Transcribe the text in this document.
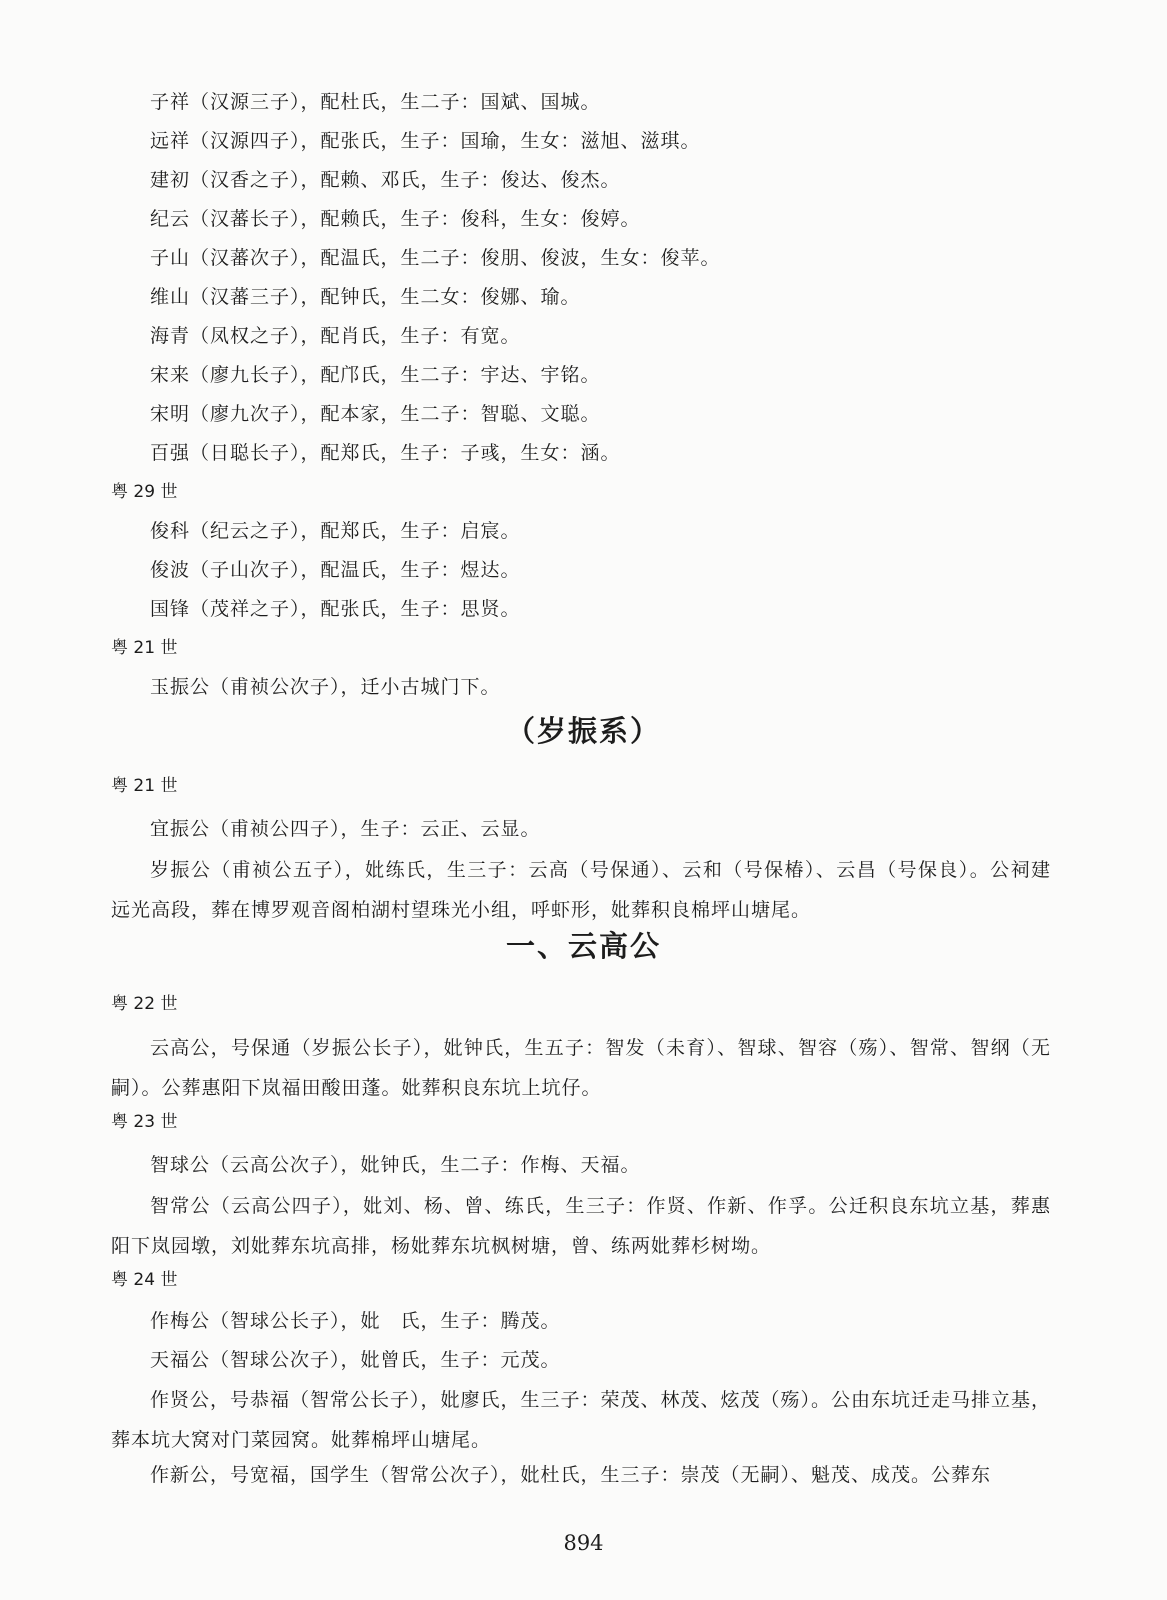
子祥（汉源三子），配杜氏，生二子：国斌、国城。
远祥（汉源四子），配张氏，生子：国瑜，生女：滋旭、滋琪。
建初（汉香之子），配赖、邓氏，生子：俊达、俊杰。
纪云（汉蕃长子），配赖氏，生子：俊科，生女：俊婷。
子山（汉蕃次子），配温氏，生二子：俊朋、俊波，生女：俊苹。
维山（汉蕃三子），配钟氏，生二女：俊娜、瑜。
海青（凤权之子），配肖氏，生子：有宽。
宋来（廖九长子），配邝氏，生二子：宇达、宇铭。
宋明（廖九次子），配本家，生二子：智聪、文聪。
百强（日聪长子），配郑氏，生子：子彧，生女：涵。
粤 29 世
俊科（纪云之子），配郑氏，生子：启宸。
俊波（子山次子），配温氏，生子：煜达。
国锋（茂祥之子），配张氏，生子：思贤。
粤 21 世
玉振公（甫祯公次子），迁小古城门下。
（岁振系）
粤 21 世
宜振公（甫祯公四子），生子：云正、云显。
岁振公（甫祯公五子），妣练氏，生三子：云高（号保通）、云和（号保椿）、云昌（号保良）。公祠建远光高段，葬在博罗观音阁柏湖村望珠光小组，呼虾形，妣葬积良棉坪山塘尾。
一、云高公
粤 22 世
云高公，号保通（岁振公长子），妣钟氏，生五子：智发（未育）、智球、智容（殇）、智常、智纲（无嗣）。公葬惠阳下岚福田酸田蓬。妣葬积良东坑上坑仔。
粤 23 世
智球公（云高公次子），妣钟氏，生二子：作梅、天福。
智常公（云高公四子），妣刘、杨、曾、练氏，生三子：作贤、作新、作孚。公迁积良东坑立基，葬惠阳下岚园墩，刘妣葬东坑高排，杨妣葬东坑枫树塘，曾、练两妣葬杉树坳。
粤 24 世
作梅公（智球公长子），妣　氏，生子：腾茂。
天福公（智球公次子），妣曾氏，生子：元茂。
作贤公，号恭福（智常公长子），妣廖氏，生三子：荣茂、林茂、炫茂（殇）。公由东坑迁走马排立基，葬本坑大窝对门菜园窝。妣葬棉坪山塘尾。
作新公，号宽福，国学生（智常公次子），妣杜氏，生三子：崇茂（无嗣）、魁茂、成茂。公葬东
894
